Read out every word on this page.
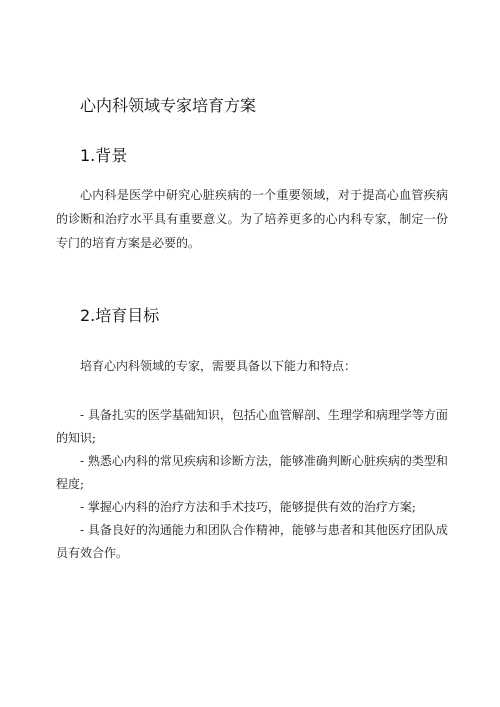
心内科领域专家培育方案
1.背景

心内科是医学中研究心脏疾病的一个重要领域，对于提高心血管疾病的诊断和治疗水平具有重要意义。为了培养更多的心内科专家，制定一份专门的培育方案是必要的。

2.培育目标

培育心内科领域的专家，需要具备以下能力和特点：

- 具备扎实的医学基础知识，包括心血管解剖、生理学和病理学等方面的知识;
- 熟悉心内科的常见疾病和诊断方法，能够准确判断心脏疾病的类型和程度;
- 掌握心内科的治疗方法和手术技巧，能够提供有效的治疗方案;
- 具备良好的沟通能力和团队合作精神，能够与患者和其他医疗团队成员有效合作。
